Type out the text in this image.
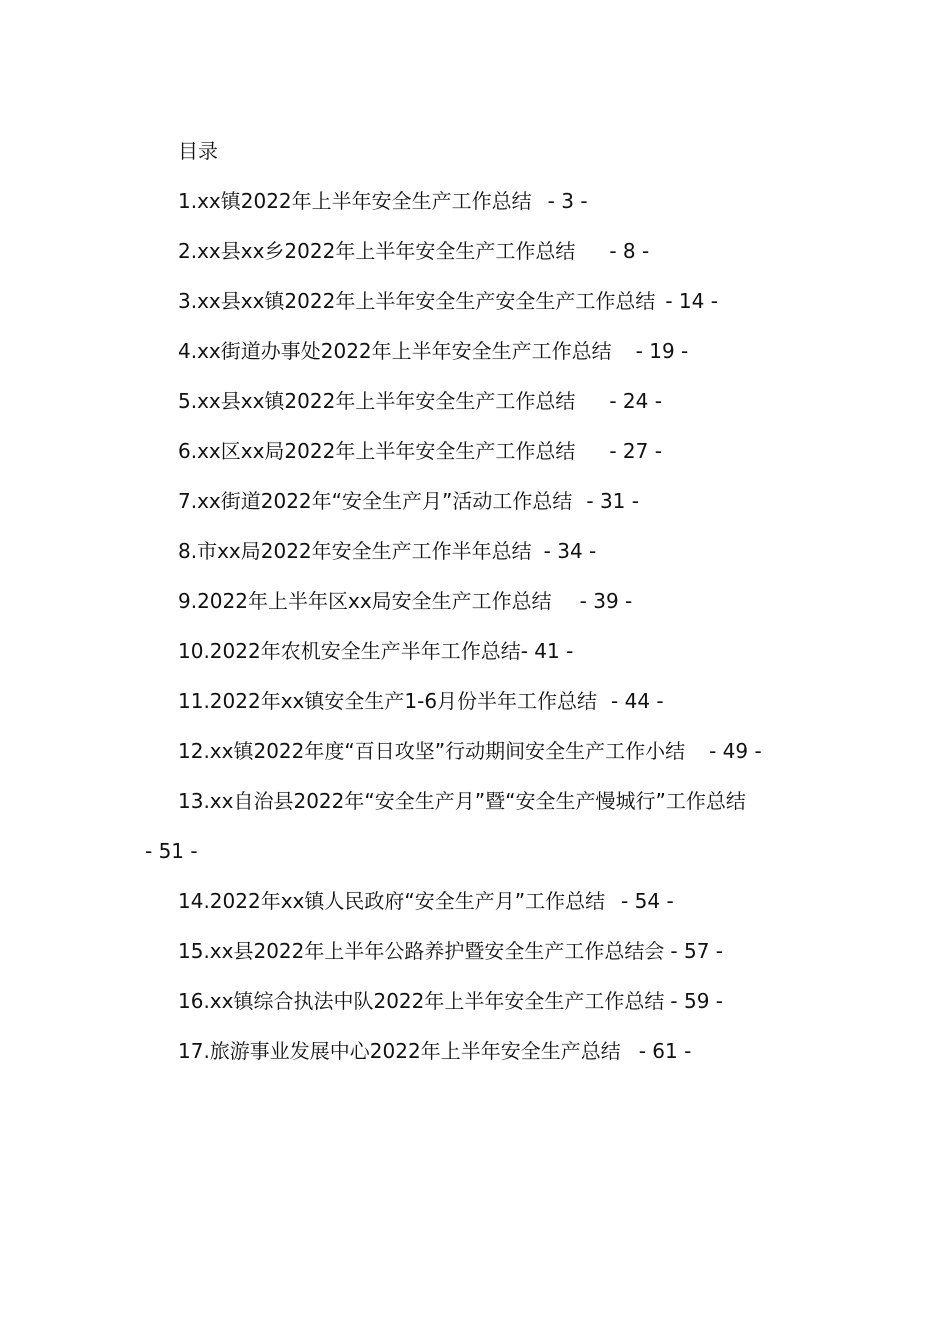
目录
1.xx镇2022年上半年安全生产工作总结 - 3 -
2.xx县xx乡2022年上半年安全生产工作总结 - 8 -
3.xx县xx镇2022年上半年安全生产安全生产工作总结 - 14 -
4.xx街道办事处2022年上半年安全生产工作总结 - 19 -
5.xx县xx镇2022年上半年安全生产工作总结 - 24 -
6.xx区xx局2022年上半年安全生产工作总结 - 27 -
7.xx街道2022年“安全生产月”活动工作总结 - 31 -
8.市xx局2022年安全生产工作半年总结 - 34 -
9.2022年上半年区xx局安全生产工作总结 - 39 -
10.2022年农机安全生产半年工作总结- 41 -
11.2022年xx镇安全生产1-6月份半年工作总结 - 44 -
12.xx镇2022年度“百日攻坚”行动期间安全生产工作小结 - 49 -
13.xx自治县2022年“安全生产月”暨“安全生产慢城行”工作总结- 51 -
14.2022年xx镇人民政府“安全生产月”工作总结 - 54 -
15.xx县2022年上半年公路养护暨安全生产工作总结会 - 57 -
16.xx镇综合执法中队2022年上半年安全生产工作总结 - 59 -
17.旅游事业发展中心2022年上半年安全生产总结 - 61 -
